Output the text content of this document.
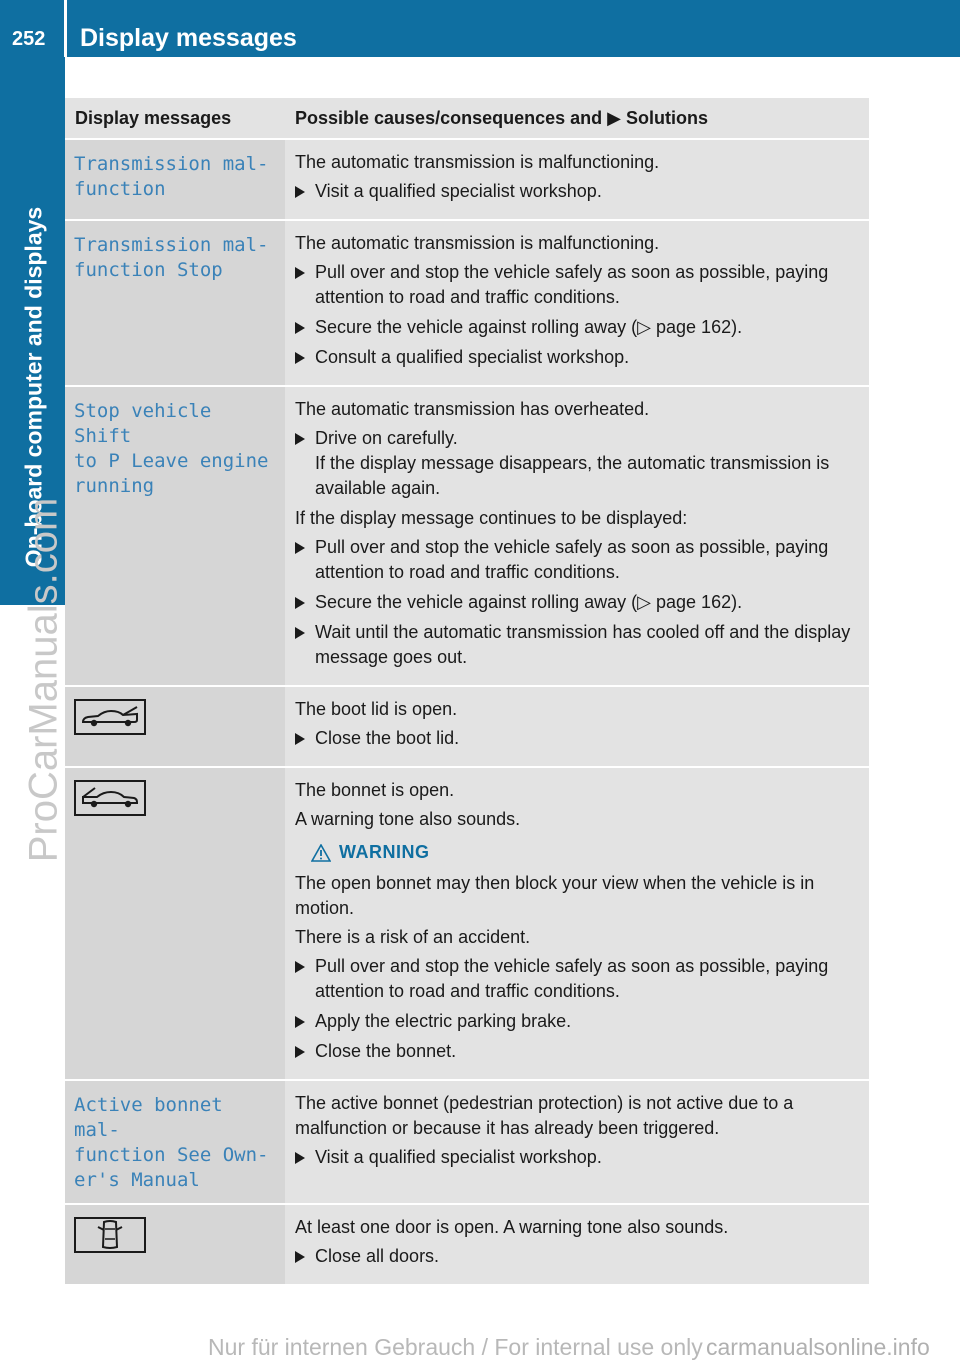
252 Display messages
On-board computer and displays
ProCarManuals.com
Display messages	Possible causes/consequences and ▶ Solutions
Transmission mal-
function

The automatic transmission is malfunctioning.

Visit a qualified specialist workshop.
Transmission mal-
function Stop

The automatic transmission is malfunctioning.

Pull over and stop the vehicle safely as soon as possible, paying attention to road and traffic conditions.
Secure the vehicle against rolling away (▷ page 162).
Consult a qualified specialist workshop.
Stop vehicle Shift
to P Leave engine
running

The automatic transmission has overheated.

Drive on carefully.
If the display message disappears, the automatic transmission is available again.

If the display message continues to be displayed:

Pull over and stop the vehicle safely as soon as possible, paying attention to road and traffic conditions.
Secure the vehicle against rolling away (▷ page 162).
Wait until the automatic transmission has cooled off and the display message goes out.

The boot lid is open.

Close the boot lid.

The bonnet is open.

A warning tone also sounds.

WARNING

The open bonnet may then block your view when the vehicle is in motion.

There is a risk of an accident.

Pull over and stop the vehicle safely as soon as possible, paying attention to road and traffic conditions.
Apply the electric parking brake.
Close the bonnet.
Active bonnet mal-
function See Own-
er's Manual

The active bonnet (pedestrian protection) is not active due to a malfunction or because it has already been triggered.

Visit a qualified specialist workshop.

At least one door is open. A warning tone also sounds.

Close all doors.
Nur für internen Gebrauch / For internal use only carmanualsonline.info
